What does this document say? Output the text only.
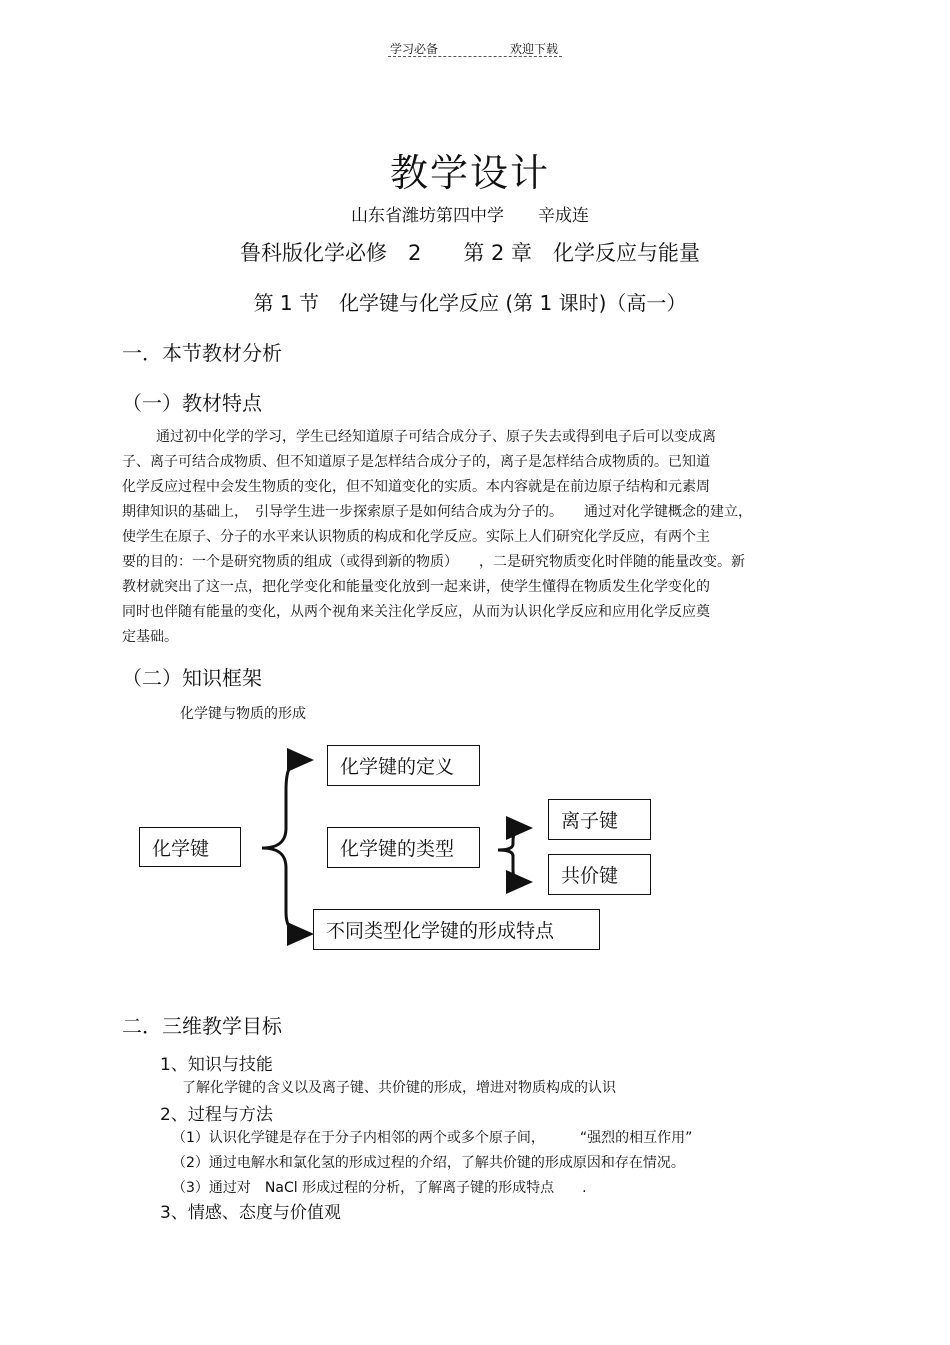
学习必备	欢迎下载
教学设计
山东省潍坊第四中学　　辛成连
鲁科版化学必修　2　　第 2 章　化学反应与能量
第 1 节　化学键与化学反应 (第 1 课时)（高一）
一．本节教材分析
（一）教材特点
通过初中化学的学习，学生已经知道原子可结合成分子、原子失去或得到电子后可以变成离
子、离子可结合成物质、但不知道原子是怎样结合成分子的，离子是怎样结合成物质的。已知道
化学反应过程中会发生物质的变化，但不知道变化的实质。本内容就是在前边原子结构和元素周
期律知识的基础上，　引导学生进一步探索原子是如何结合成为分子的。　　通过对化学键概念的建立，
使学生在原子、分子的水平来认识物质的构成和化学反应。实际上人们研究化学反应，有两个主
要的目的：一个是研究物质的组成（或得到新的物质）　　，二是研究物质变化时伴随的能量改变。新
教材就突出了这一点，把化学变化和能量变化放到一起来讲，使学生懂得在物质发生化学变化的
同时也伴随有能量的变化，从两个视角来关注化学反应，从而为认识化学反应和应用化学反应奠
定基础。
（二）知识框架
化学键与物质的形成
化学键
化学键的定义
化学键的类型
离子键
共价键
不同类型化学键的形成特点
二．三维教学目标
1、知识与技能
了解化学键的含义以及离子键、共价键的形成，增进对物质构成的认识
2、过程与方法
（1）认识化学键是存在于分子内相邻的两个或多个原子间，　　　“强烈的相互作用”
（2）通过电解水和氯化氢的形成过程的介绍，了解共价键的形成原因和存在情况。
（3）通过对　NaCl 形成过程的分析，了解离子键的形成特点　　.
3、情感、态度与价值观
